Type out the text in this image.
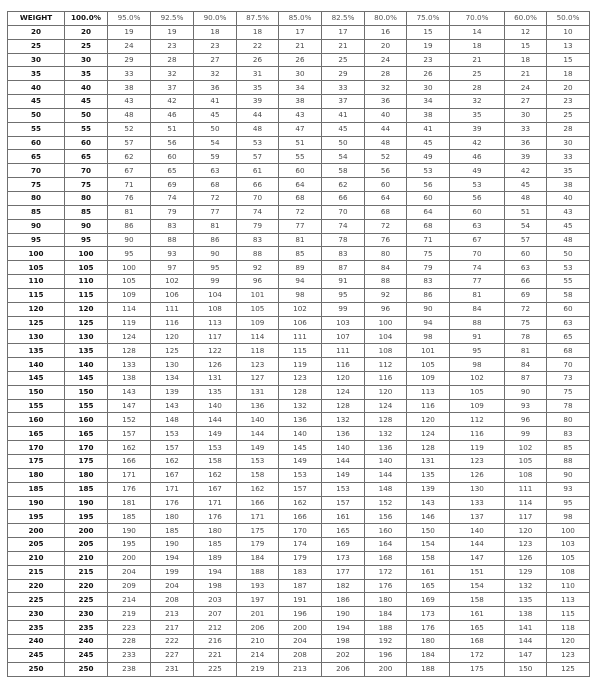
WEIGHT	100.0%	95.0%	92.5%	90.0%	87.5%	85.0%	82.5%	80.0%	75.0%	70.0%	60.0%	50.0%
20	20	19	19	18	18	17	17	16	15	14	12	10
25	25	24	23	23	22	21	21	20	19	18	15	13
30	30	29	28	27	26	26	25	24	23	21	18	15
35	35	33	32	32	31	30	29	28	26	25	21	18
40	40	38	37	36	35	34	33	32	30	28	24	20
45	45	43	42	41	39	38	37	36	34	32	27	23
50	50	48	46	45	44	43	41	40	38	35	30	25
55	55	52	51	50	48	47	45	44	41	39	33	28
60	60	57	56	54	53	51	50	48	45	42	36	30
65	65	62	60	59	57	55	54	52	49	46	39	33
70	70	67	65	63	61	60	58	56	53	49	42	35
75	75	71	69	68	66	64	62	60	56	53	45	38
80	80	76	74	72	70	68	66	64	60	56	48	40
85	85	81	79	77	74	72	70	68	64	60	51	43
90	90	86	83	81	79	77	74	72	68	63	54	45
95	95	90	88	86	83	81	78	76	71	67	57	48
100	100	95	93	90	88	85	83	80	75	70	60	50
105	105	100	97	95	92	89	87	84	79	74	63	53
110	110	105	102	99	96	94	91	88	83	77	66	55
115	115	109	106	104	101	98	95	92	86	81	69	58
120	120	114	111	108	105	102	99	96	90	84	72	60
125	125	119	116	113	109	106	103	100	94	88	75	63
130	130	124	120	117	114	111	107	104	98	91	78	65
135	135	128	125	122	118	115	111	108	101	95	81	68
140	140	133	130	126	123	119	116	112	105	98	84	70
145	145	138	134	131	127	123	120	116	109	102	87	73
150	150	143	139	135	131	128	124	120	113	105	90	75
155	155	147	143	140	136	132	128	124	116	109	93	78
160	160	152	148	144	140	136	132	128	120	112	96	80
165	165	157	153	149	144	140	136	132	124	116	99	83
170	170	162	157	153	149	145	140	136	128	119	102	85
175	175	166	162	158	153	149	144	140	131	123	105	88
180	180	171	167	162	158	153	149	144	135	126	108	90
185	185	176	171	167	162	157	153	148	139	130	111	93
190	190	181	176	171	166	162	157	152	143	133	114	95
195	195	185	180	176	171	166	161	156	146	137	117	98
200	200	190	185	180	175	170	165	160	150	140	120	100
205	205	195	190	185	179	174	169	164	154	144	123	103
210	210	200	194	189	184	179	173	168	158	147	126	105
215	215	204	199	194	188	183	177	172	161	151	129	108
220	220	209	204	198	193	187	182	176	165	154	132	110
225	225	214	208	203	197	191	186	180	169	158	135	113
230	230	219	213	207	201	196	190	184	173	161	138	115
235	235	223	217	212	206	200	194	188	176	165	141	118
240	240	228	222	216	210	204	198	192	180	168	144	120
245	245	233	227	221	214	208	202	196	184	172	147	123
250	250	238	231	225	219	213	206	200	188	175	150	125
